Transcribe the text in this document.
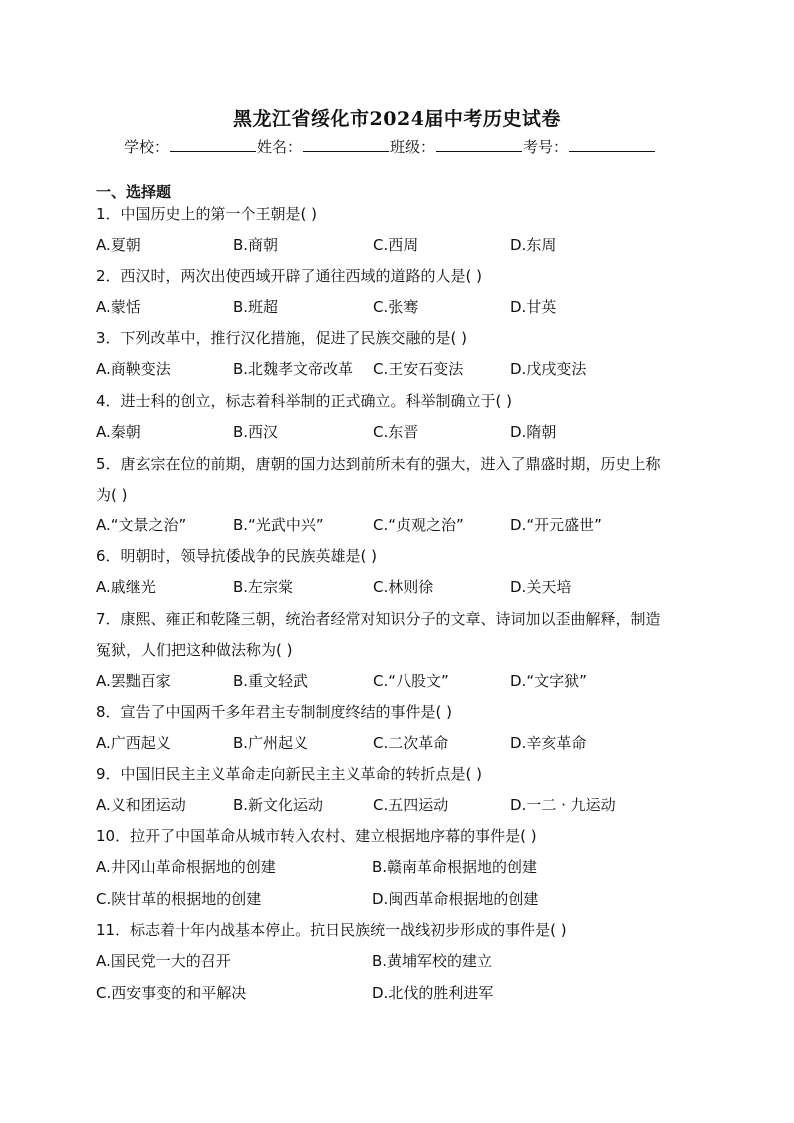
黑龙江省绥化市2024届中考历史试卷
学校：	姓名：	班级：	考号：
一、选择题
1．中国历史上的第一个王朝是( )
A.夏朝	B.商朝	C.西周	D.东周
2．西汉时，两次出使西域开辟了通往西域的道路的人是( )
A.蒙恬	B.班超	C.张骞	D.甘英
3．下列改革中，推行汉化措施，促进了民族交融的是( )
A.商鞅变法	B.北魏孝文帝改革 C.王安石变法	D.戊戌变法
4．进士科的创立，标志着科举制的正式确立。科举制确立于( )
A.秦朝	B.西汉	C.东晋	D.隋朝
5．唐玄宗在位的前期，唐朝的国力达到前所未有的强大，进入了鼎盛时期，历史上称
为( )
A.“文景之治”	B.“光武中兴”	C.“贞观之治”	D.“开元盛世”
6．明朝时，领导抗倭战争的民族英雄是( )
A.戚继光	B.左宗棠	C.林则徐	D.关天培
7．康熙、雍正和乾隆三朝，统治者经常对知识分子的文章、诗词加以歪曲解释，制造
冤狱，人们把这种做法称为( )
A.罢黜百家	B.重文轻武	C.“八股文”	D.“文字狱”
8．宣告了中国两千多年君主专制制度终结的事件是( )
A.广西起义	B.广州起义	C.二次革命	D.辛亥革命
9．中国旧民主主义革命走向新民主主义革命的转折点是( )
A.义和团运动	B.新文化运动	C.五四运动	D.一二 · 九运动
10．拉开了中国革命从城市转入农村、建立根据地序幕的事件是( )
A.井冈山革命根据地的创建	B.赣南革命根据地的创建
C.陕甘革的根据地的创建	D.闽西革命根据地的创建
11．标志着十年内战基本停止。抗日民族统一战线初步形成的事件是( )
A.国民党一大的召开	B.黄埔军校的建立
C.西安事变的和平解决	D.北伐的胜利进军
